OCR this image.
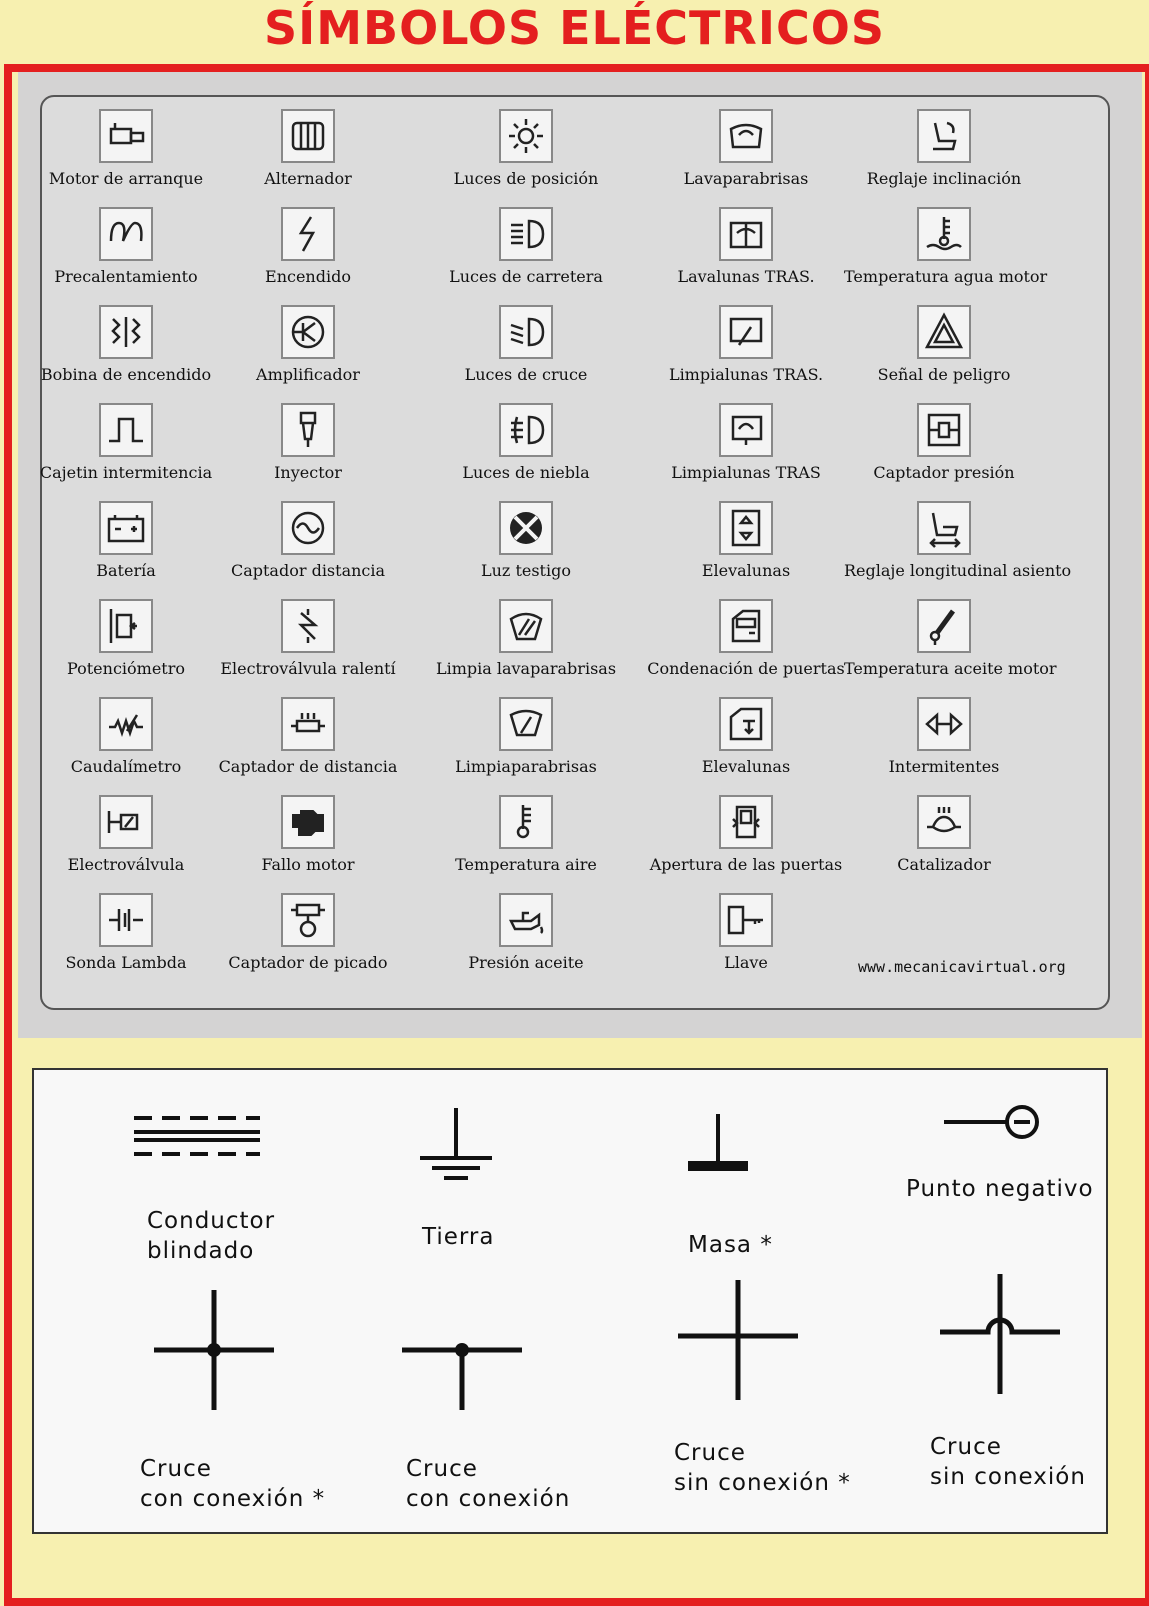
SÍMBOLOS ELÉCTRICOS
Motor de arranque	Alternador	Luces de posición	Lavaparabrisas	Reglaje inclinación
Precalentamiento	Encendido	Luces de carretera	Lavalunas TRAS.	Temperatura agua motor
Bobina de encendido	Amplificador	Luces de cruce	Limpialunas TRAS.	Señal de peligro
Cajetin intermitencia	Inyector	Luces de niebla	Limpialunas TRAS	Captador presión
Batería	Captador distancia	Luz testigo	Elevalunas	Reglaje longitudinal asiento
Potenciómetro	Electroválvula ralentí	Limpia lavaparabrisas	Condenación de puertas Temperatura aceite motor
Caudalímetro	Captador de distancia	Limpiaparabrisas	Elevalunas	Intermitentes
Electroválvula	Fallo motor	Temperatura aire	Apertura de las puertas	Catalizador
Sonda Lambda	Captador de picado	Presión aceite	Llave	www.mecanicavirtual.org
Conductor
blindado
Tierra	Masa *
Punto negativo
Cruce
con conexión *
Cruce
con conexión
Cruce
sin conexión *
Cruce
sin conexión
